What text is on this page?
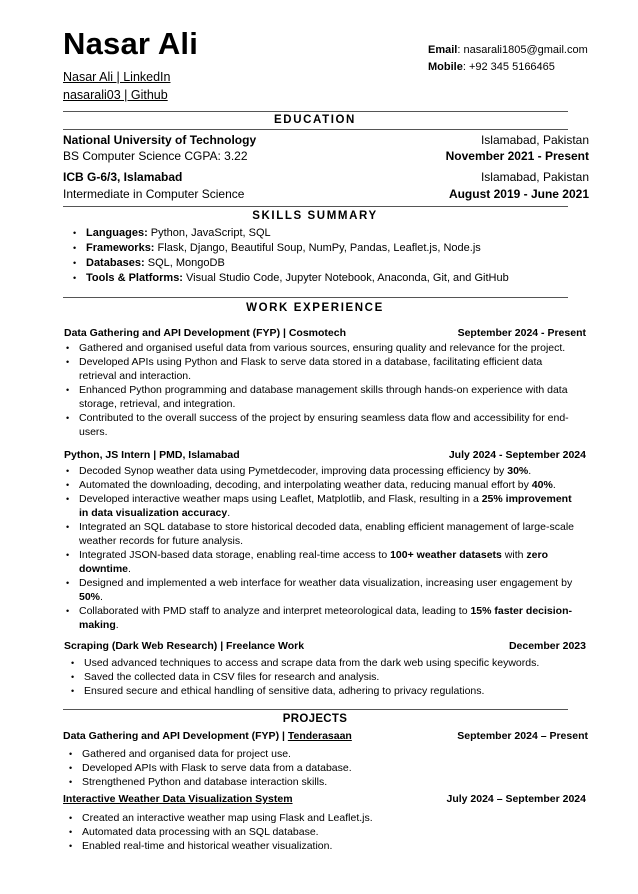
Nasar Ali
Nasar Ali | LinkedIn
nasarali03 | Github
Email: nasarali1805@gmail.com
Mobile: +92 345 5166465
EDUCATION
National University of Technology	Islamabad, Pakistan
BS Computer Science CGPA: 3.22	November 2021 - Present
ICB G-6/3, Islamabad	Islamabad, Pakistan
Intermediate in Computer Science	August 2019 - June 2021
SKILLS SUMMARY
• Languages: Python, JavaScript, SQL
• Frameworks: Flask, Django, Beautiful Soup, NumPy, Pandas, Leaflet.js, Node.js
• Databases: SQL, MongoDB
• Tools & Platforms: Visual Studio Code, Jupyter Notebook, Anaconda, Git, and GitHub
WORK EXPERIENCE
Data Gathering and API Development (FYP) | Cosmotech	September 2024 - Present
• Gathered and organised useful data from various sources, ensuring quality and relevance for the project.
• Developed APIs using Python and Flask to serve data stored in a database, facilitating efficient data
retrieval and interaction.
• Enhanced Python programming and database management skills through hands-on experience with data
storage, retrieval, and integration.
• Contributed to the overall success of the project by ensuring seamless data flow and accessibility for end-
users.
Python, JS Intern | PMD, Islamabad	July 2024 - September 2024
• Decoded Synop weather data using Pymetdecoder, improving data processing efficiency by 30%.
• Automated the downloading, decoding, and interpolating weather data, reducing manual effort by 40%.
• Developed interactive weather maps using Leaflet, Matplotlib, and Flask, resulting in a 25% improvement
in data visualization accuracy.
• Integrated an SQL database to store historical decoded data, enabling efficient management of large-scale
weather records for future analysis.
• Integrated JSON-based data storage, enabling real-time access to 100+ weather datasets with zero
downtime.
• Designed and implemented a web interface for weather data visualization, increasing user engagement by
50%.
• Collaborated with PMD staff to analyze and interpret meteorological data, leading to 15% faster decision-
making.
Scraping (Dark Web Research) | Freelance Work	December 2023
• Used advanced techniques to access and scrape data from the dark web using specific keywords.
• Saved the collected data in CSV files for research and analysis.
• Ensured secure and ethical handling of sensitive data, adhering to privacy regulations.
PROJECTS
Data Gathering and API Development (FYP) | Tenderasaan	September 2024 – Present
• Gathered and organised data for project use.
• Developed APIs with Flask to serve data from a database.
• Strengthened Python and database interaction skills.
Interactive Weather Data Visualization System	July 2024 – September 2024
• Created an interactive weather map using Flask and Leaflet.js.
• Automated data processing with an SQL database.
• Enabled real-time and historical weather visualization.
